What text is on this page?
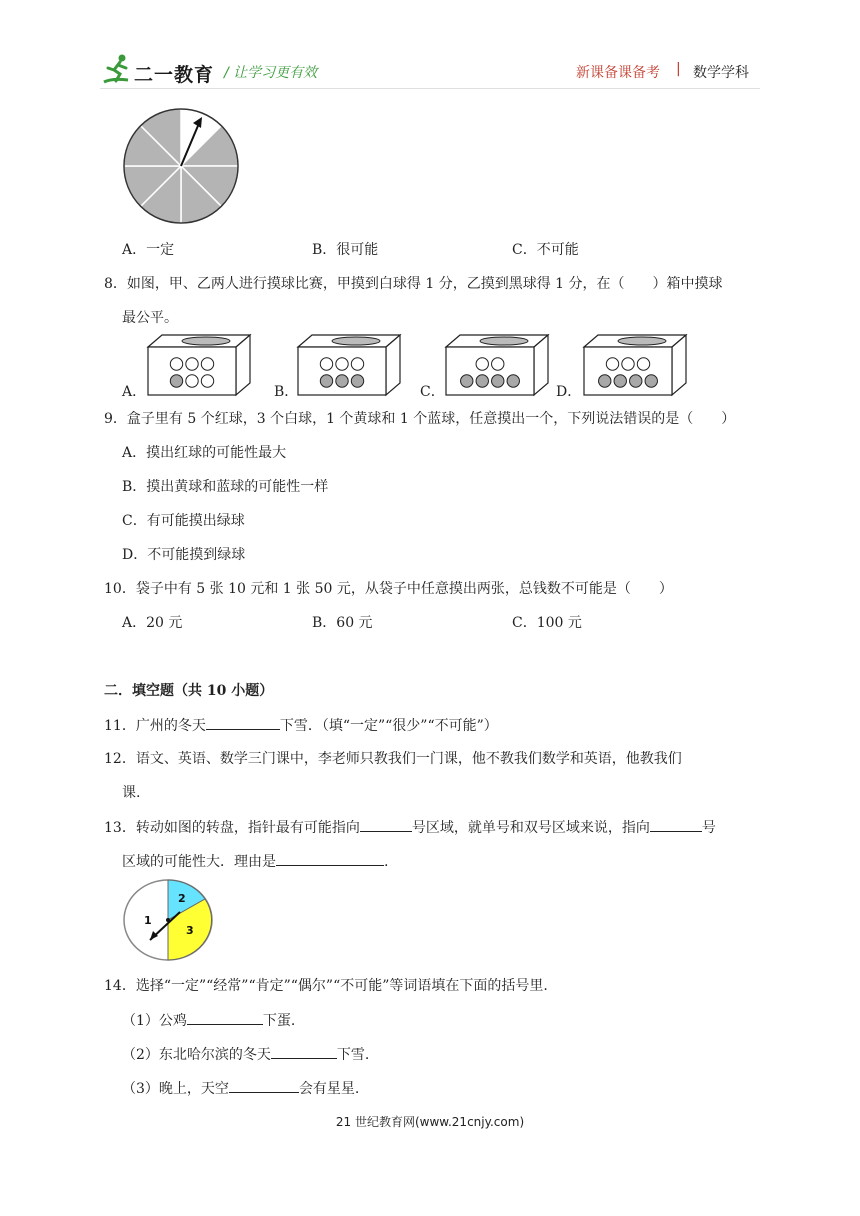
二一教育 / 让学习更有效	新课备课备考 | 数学学科
A．一定	B．很可能	C．不可能
8．如图，甲、乙两人进行摸球比赛，甲摸到白球得 1 分，乙摸到黑球得 1 分，在（　　）箱中摸球
最公平。
A．	B．	C．	D．
9．盒子里有 5 个红球，3 个白球，1 个黄球和 1 个蓝球，任意摸出一个，下列说法错误的是（　　）
A．摸出红球的可能性最大
B．摸出黄球和蓝球的可能性一样
C．有可能摸出绿球
D．不可能摸到绿球
10．袋子中有 5 张 10 元和 1 张 50 元，从袋子中任意摸出两张，总钱数不可能是（　　）
A．20 元	B．60 元	C．100 元
二．填空题（共 10 小题）
11．广州的冬天	下雪．（填“一定”“很少”“不可能”）
12．语文、英语、数学三门课中，李老师只教我们一门课，他不教我们数学和英语，他教我们
课.
13．转动如图的转盘，指针最有可能指向	号区域，就单号和双号区域来说，指向	号
区域的可能性大．理由是	.
1
2
3
14．选择“一定”“经常”“肯定”“偶尔”“不可能”等词语填在下面的括号里.
（1）公鸡	下蛋.
（2）东北哈尔滨的冬天	下雪.
（3）晚上，天空	会有星星.
21 世纪教育网(www.21cnjy.com)
